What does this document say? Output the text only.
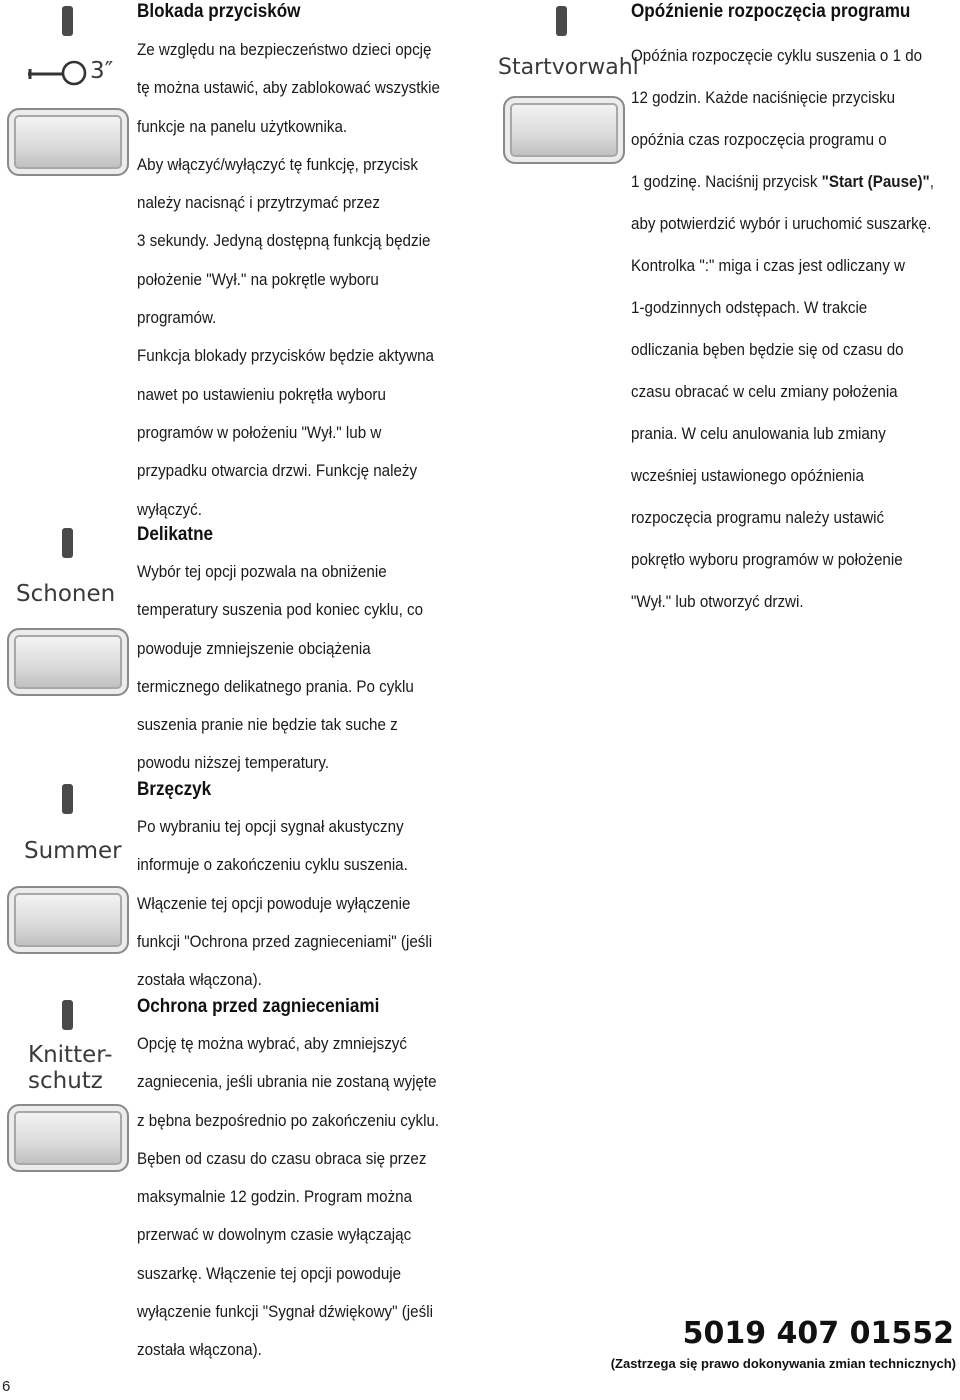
3″
Schonen
Summer
Knitter-
schutz
Startvorwahl
Blokada przycisków
Ze względu na bezpieczeństwo dzieci opcję
tę można ustawić, aby zablokować wszystkie
funkcje na panelu użytkownika.
Aby włączyć/wyłączyć tę funkcję, przycisk
należy nacisnąć i przytrzymać przez
3 sekundy. Jedyną dostępną funkcją będzie
położenie "Wył." na pokrętle wyboru
programów.
Funkcja blokady przycisków będzie aktywna
nawet po ustawieniu pokrętła wyboru
programów w położeniu "Wył." lub w
przypadku otwarcia drzwi. Funkcję należy
wyłączyć.
Delikatne
Wybór tej opcji pozwala na obniżenie
temperatury suszenia pod koniec cyklu, co
powoduje zmniejszenie obciążenia
termicznego delikatnego prania. Po cyklu
suszenia pranie nie będzie tak suche z
powodu niższej temperatury.
Brzęczyk
Po wybraniu tej opcji sygnał akustyczny
informuje o zakończeniu cyklu suszenia.
Włączenie tej opcji powoduje wyłączenie
funkcji "Ochrona przed zagnieceniami" (jeśli
została włączona).
Ochrona przed zagnieceniami
Opcję tę można wybrać, aby zmniejszyć
zagniecenia, jeśli ubrania nie zostaną wyjęte
z bębna bezpośrednio po zakończeniu cyklu.
Bęben od czasu do czasu obraca się przez
maksymalnie 12 godzin. Program można
przerwać w dowolnym czasie wyłączając
suszarkę. Włączenie tej opcji powoduje
wyłączenie funkcji "Sygnał dźwiękowy" (jeśli
została włączona).
Opóźnienie rozpoczęcia programu
Opóźnia rozpoczęcie cyklu suszenia o 1 do
12 godzin. Każde naciśnięcie przycisku
opóźnia czas rozpoczęcia programu o
1 godzinę. Naciśnij przycisk "Start (Pause)",
aby potwierdzić wybór i uruchomić suszarkę.
Kontrolka ":" miga i czas jest odliczany w
1-godzinnych odstępach. W trakcie
odliczania bęben będzie się od czasu do
czasu obracać w celu zmiany położenia
prania. W celu anulowania lub zmiany
wcześniej ustawionego opóźnienia
rozpoczęcia programu należy ustawić
pokrętło wyboru programów w położenie
"Wył." lub otworzyć drzwi.
5019 407 01552
(Zastrzega się prawo dokonywania zmian technicznych)
6
